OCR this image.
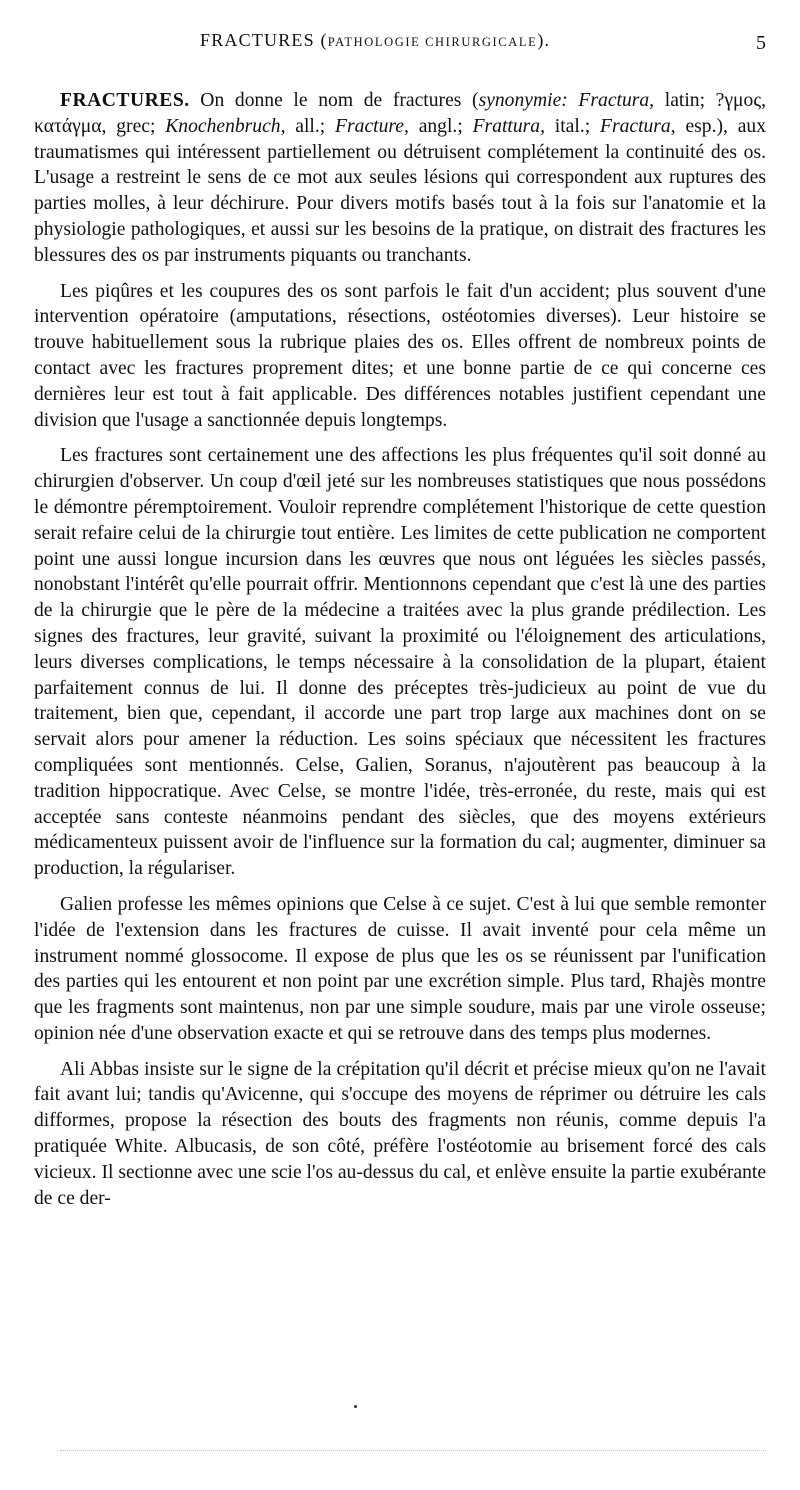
FRACTURES (PATHOLOGIE CHIRURGICALE).	5

FRACTURES. On donne le nom de fractures (synonymie: Fractura, latin; ?γμος, κατάγμα, grec; Knochenbruch, all.; Fracture, angl.; Frattura, ital.; Fractura, esp.), aux traumatismes qui intéressent partiellement ou détruisent complétement la continuité des os. L'usage a restreint le sens de ce mot aux seules lésions qui correspondent aux ruptures des parties molles, à leur déchirure. Pour divers motifs basés tout à la fois sur l'anatomie et la physiologie pathologiques, et aussi sur les besoins de la pratique, on distrait des fractures les blessures des os par instruments piquants ou tranchants.

Les piqûres et les coupures des os sont parfois le fait d'un accident; plus souvent d'une intervention opératoire (amputations, résections, ostéotomies diverses). Leur histoire se trouve habituellement sous la rubrique plaies des os. Elles offrent de nombreux points de contact avec les fractures proprement dites; et une bonne partie de ce qui concerne ces dernières leur est tout à fait applicable. Des différences notables justifient cependant une division que l'usage a sanctionnée depuis longtemps.

Les fractures sont certainement une des affections les plus fréquentes qu'il soit donné au chirurgien d'observer. Un coup d'œil jeté sur les nombreuses statistiques que nous possédons le démontre péremptoirement. Vouloir reprendre complétement l'historique de cette question serait refaire celui de la chirurgie tout entière. Les limites de cette publication ne comportent point une aussi longue incursion dans les œuvres que nous ont léguées les siècles passés, nonobstant l'intérêt qu'elle pourrait offrir. Mentionnons cependant que c'est là une des parties de la chirurgie que le père de la médecine a traitées avec la plus grande prédilection. Les signes des fractures, leur gravité, suivant la proximité ou l'éloignement des articulations, leurs diverses complications, le temps nécessaire à la consolidation de la plupart, étaient parfaitement connus de lui. Il donne des préceptes très-judicieux au point de vue du traitement, bien que, cependant, il accorde une part trop large aux machines dont on se servait alors pour amener la réduction. Les soins spéciaux que nécessitent les fractures compliquées sont mentionnés. Celse, Galien, Soranus, n'ajoutèrent pas beaucoup à la tradition hippocratique. Avec Celse, se montre l'idée, très-erronée, du reste, mais qui est acceptée sans conteste néanmoins pendant des siècles, que des moyens extérieurs médicamenteux puissent avoir de l'influence sur la formation du cal; augmenter, diminuer sa production, la régulariser.

Galien professe les mêmes opinions que Celse à ce sujet. C'est à lui que semble remonter l'idée de l'extension dans les fractures de cuisse. Il avait inventé pour cela même un instrument nommé glossocome. Il expose de plus que les os se réunissent par l'unification des parties qui les entourent et non point par une excrétion simple. Plus tard, Rhajès montre que les fragments sont maintenus, non par une simple soudure, mais par une virole osseuse; opinion née d'une observation exacte et qui se retrouve dans des temps plus modernes.

Ali Abbas insiste sur le signe de la crépitation qu'il décrit et précise mieux qu'on ne l'avait fait avant lui; tandis qu'Avicenne, qui s'occupe des moyens de réprimer ou détruire les cals difformes, propose la résection des bouts des fragments non réunis, comme depuis l'a pratiquée White. Albucasis, de son côté, préfère l'ostéotomie au brisement forcé des cals vicieux. Il sectionne avec une scie l'os au-dessus du cal, et enlève ensuite la partie exubérante de ce der-
